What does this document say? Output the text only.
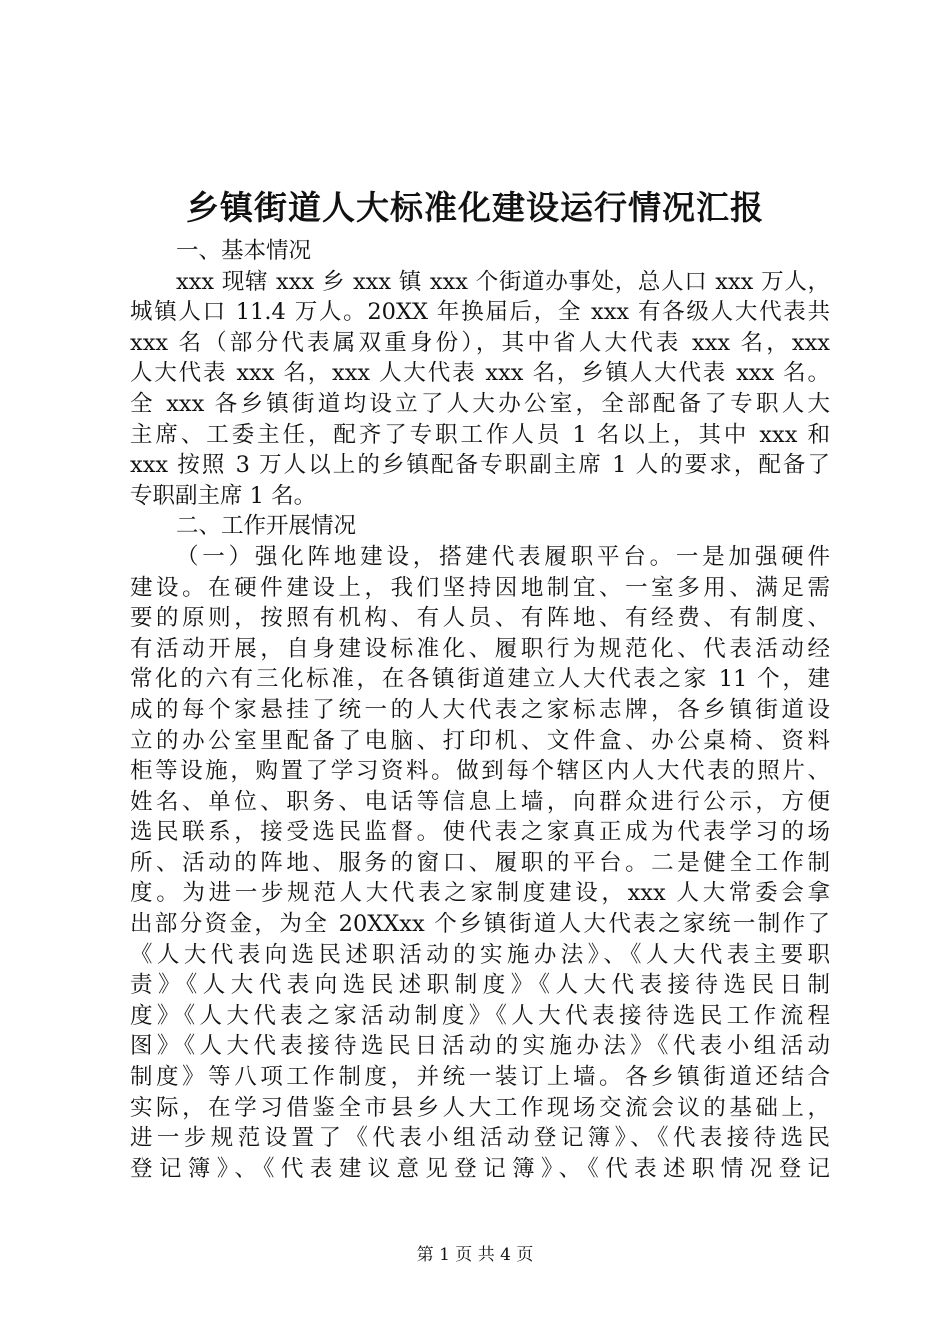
乡镇街道人大标准化建设运行情况汇报
一、基本情况
xxx 现辖 xxx 乡 xxx 镇 xxx 个街道办事处，总人口 xxx 万人，
城镇人口 11.4 万人。20XX 年换届后，全 xxx 有各级人大代表共
xxx 名（部分代表属双重身份），其中省人大代表 xxx 名，xxx
人大代表 xxx 名，xxx 人大代表 xxx 名，乡镇人大代表 xxx 名。
全 xxx 各乡镇街道均设立了人大办公室，全部配备了专职人大
主席、工委主任，配齐了专职工作人员 1 名以上，其中 xxx 和
xxx 按照 3 万人以上的乡镇配备专职副主席 1 人的要求，配备了
专职副主席 1 名。
二、工作开展情况
（一）强化阵地建设，搭建代表履职平台。一是加强硬件
建设。在硬件建设上，我们坚持因地制宜、一室多用、满足需
要的原则，按照有机构、有人员、有阵地、有经费、有制度、
有活动开展，自身建设标准化、履职行为规范化、代表活动经
常化的六有三化标准，在各镇街道建立人大代表之家 11 个，建
成的每个家悬挂了统一的人大代表之家标志牌，各乡镇街道设
立的办公室里配备了电脑、打印机、文件盒、办公桌椅、资料
柜等设施，购置了学习资料。做到每个辖区内人大代表的照片、
姓名、单位、职务、电话等信息上墙，向群众进行公示，方便
选民联系，接受选民监督。使代表之家真正成为代表学习的场
所、活动的阵地、服务的窗口、履职的平台。二是健全工作制
度。为进一步规范人大代表之家制度建设，xxx 人大常委会拿
出部分资金，为全 20XXxx 个乡镇街道人大代表之家统一制作了
《人大代表向选民述职活动的实施办法》、《人大代表主要职
责》《人大代表向选民述职制度》《人大代表接待选民日制
度》《人大代表之家活动制度》《人大代表接待选民工作流程
图》《人大代表接待选民日活动的实施办法》《代表小组活动
制度》等八项工作制度，并统一装订上墙。各乡镇街道还结合
实际，在学习借鉴全市县乡人大工作现场交流会议的基础上，
进一步规范设置了《代表小组活动登记簿》、《代表接待选民
登记簿》、《代表建议意见登记簿》、《代表述职情况登记
第 1 页 共 4 页
